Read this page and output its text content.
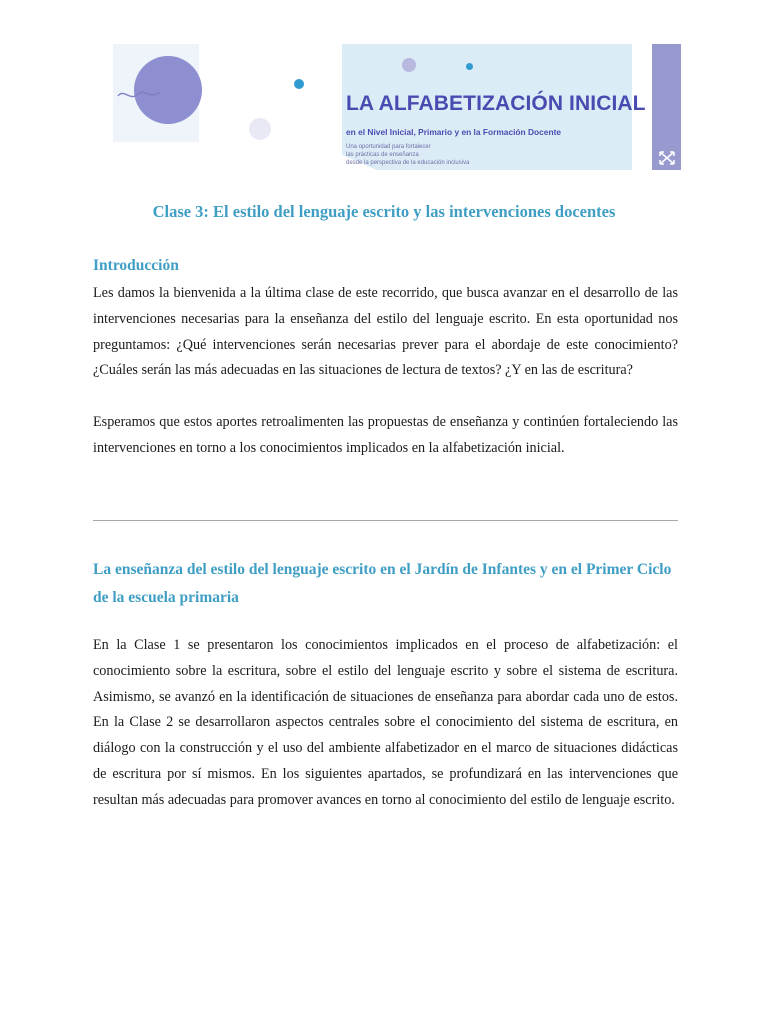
LA ALFABETIZACIÓN INICIAL
en el Nivel Inicial, Primario y en la Formación Docente
Una oportunidad para fortalecer
las prácticas de enseñanza
desde la perspectiva de la educación inclusiva
Clase 3: El estilo del lenguaje escrito y las intervenciones docentes
Introducción

Les damos la bienvenida a la última clase de este recorrido, que busca avanzar en el desarrollo de las intervenciones necesarias para la enseñanza del estilo del lenguaje escrito. En esta oportunidad nos preguntamos: ¿Qué intervenciones serán necesarias prever para el abordaje de este conocimiento? ¿Cuáles serán las más adecuadas en las situaciones de lectura de textos? ¿Y en las de escritura?

Esperamos que estos aportes retroalimenten las propuestas de enseñanza y continúen fortaleciendo las intervenciones en torno a los conocimientos implicados en la alfabetización inicial.

La enseñanza del estilo del lenguaje escrito en el Jardín de Infantes y en el Primer Ciclo de la escuela primaria

En la Clase 1 se presentaron los conocimientos implicados en el proceso de alfabetización: el conocimiento sobre la escritura, sobre el estilo del lenguaje escrito y sobre el sistema de escritura. Asimismo, se avanzó en la identificación de situaciones de enseñanza para abordar cada uno de estos. En la Clase 2 se desarrollaron aspectos centrales sobre el conocimiento del sistema de escritura, en diálogo con la construcción y el uso del ambiente alfabetizador en el marco de situaciones didácticas de escritura por sí mismos. En los siguientes apartados, se profundizará en las intervenciones que resultan más adecuadas para promover avances en torno al conocimiento del estilo de lenguaje escrito.
